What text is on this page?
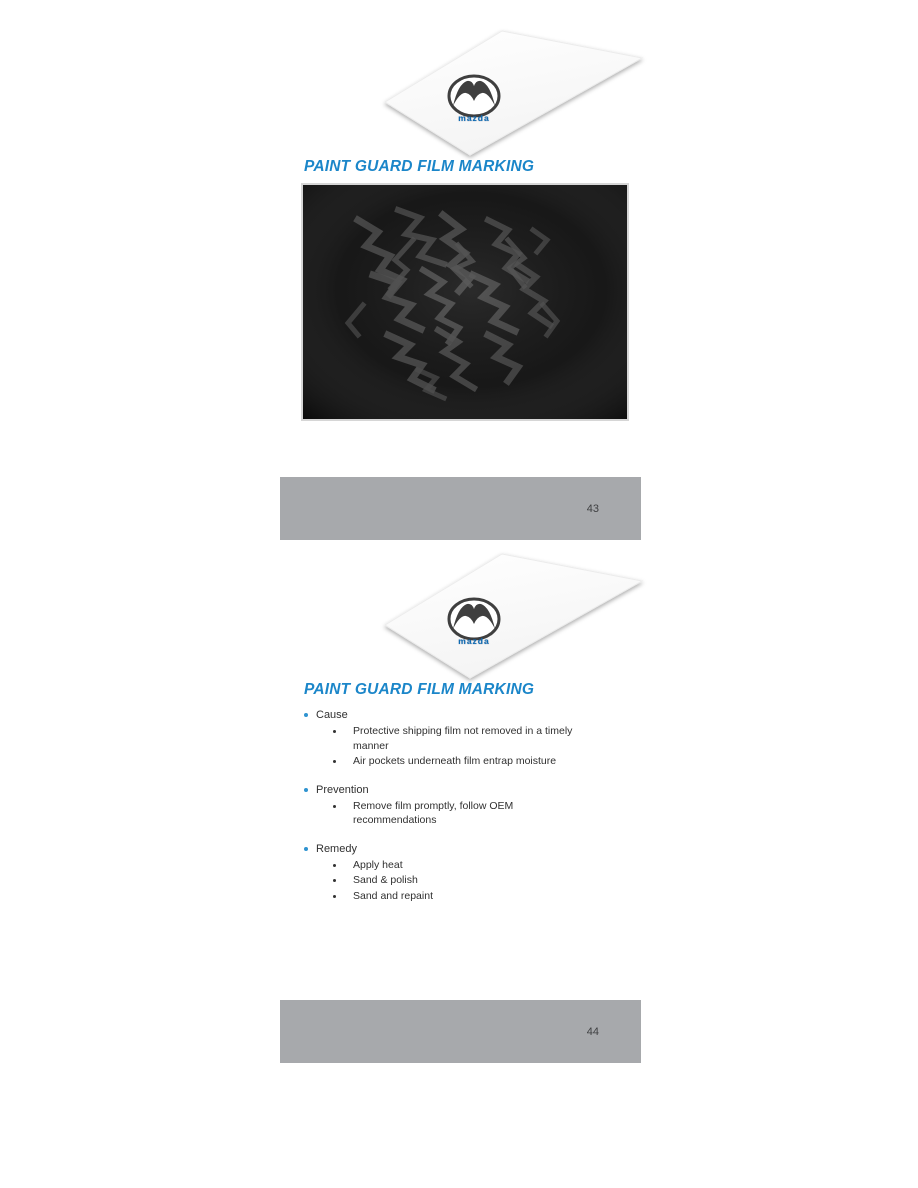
mazda
PAINT GUARD FILM MARKING
43
mazda
PAINT GUARD FILM MARKING
Cause
Protective shipping film not removed in a timely manner
Air pockets underneath film entrap moisture
Prevention
Remove film promptly, follow OEM recommendations
Remedy
Apply heat
Sand & polish
Sand and repaint
44
